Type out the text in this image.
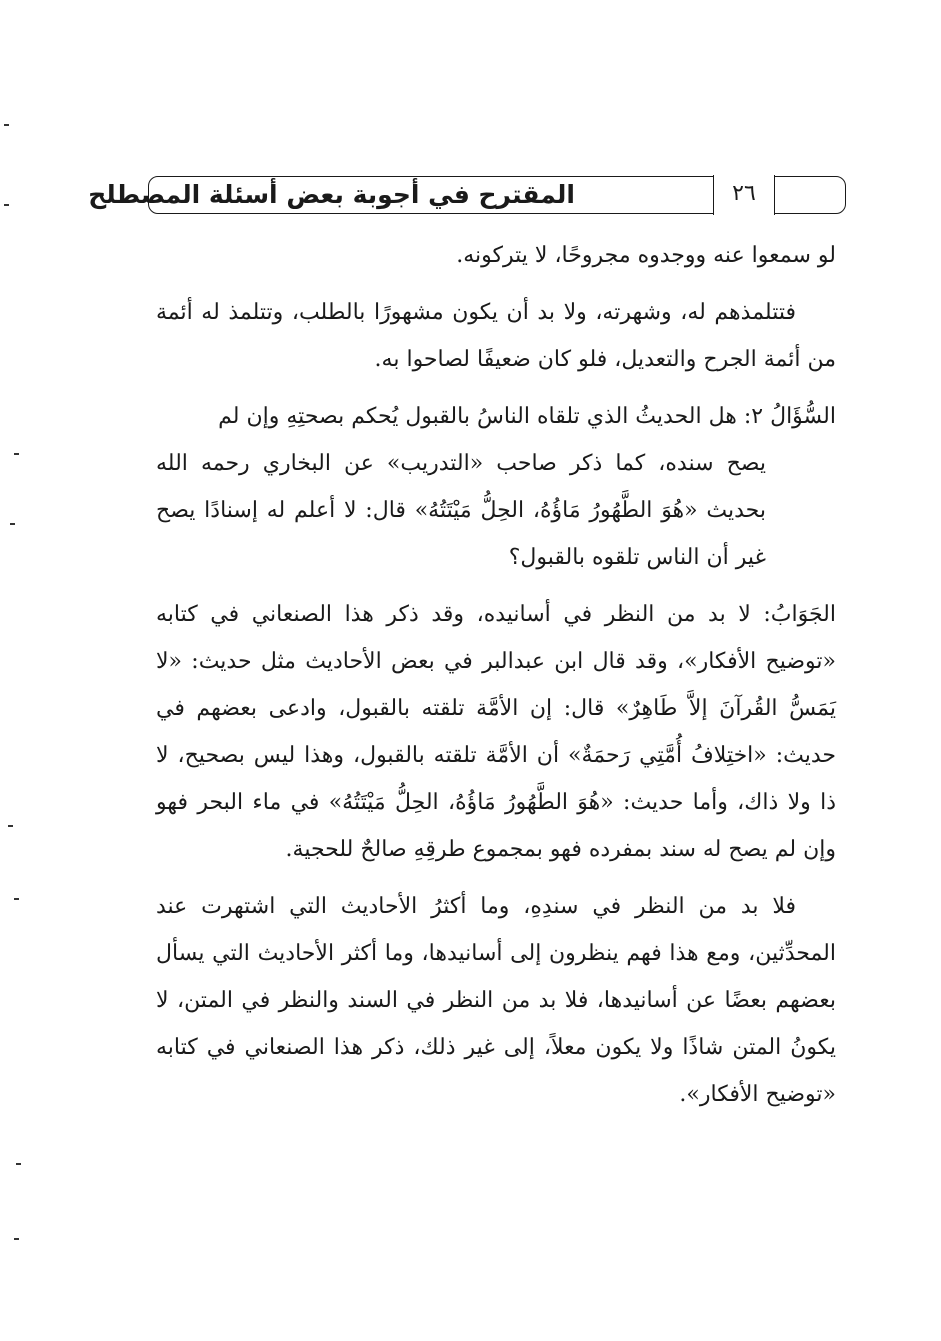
المقترح في أجوبة بعض أسئلة المصطلح	٢٦

لو سمعوا عنه ووجدوه مجروحًا، لا يتركونه.

فتتلمذهم له، وشهرته، ولا بد أن يكون مشهورًا بالطلب، وتتلمذ له أئمة من أئمة الجرح والتعديل، فلو كان ضعيفًا لصاحوا به.

السُّؤَالُ ٢: هل الحديثُ الذي تلقاه الناسُ بالقبول يُحكم بصحتِهِ وإن لم

يصح سنده، كما ذكر صاحب «التدريب» عن البخاري رحمه الله بحديث «هُوَ الطَّهُورُ مَاؤُهُ، الحِلُّ مَيْتَتُهُ» قال: لا أعلم له إسنادًا يصح غير أن الناس تلقوه بالقبول؟

الجَوَابُ: لا بد من النظر في أسانيده، وقد ذكر هذا الصنعاني في كتابه «توضيح الأفكار»، وقد قال ابن عبدالبر في بعض الأحاديث مثل حديث: «لا يَمَسُّ القُرآنَ إلاَّ طَاهِرٌ» قال: إن الأمَّة تلقته بالقبول، وادعى بعضهم في حديث: «اختِلافُ أُمَّتِي رَحمَةٌ» أن الأمَّة تلقته بالقبول، وهذا ليس بصحيح، لا ذا ولا ذاك، وأما حديث: «هُوَ الطَّهُورُ مَاؤُهُ، الحِلُّ مَيْتَتُهُ» في ماء البحر فهو وإن لم يصح له سند بمفرده فهو بمجموع طرقِهِ صالحٌ للحجية.

فلا بد من النظر في سندِهِ، وما أكثرُ الأحاديث التي اشتهرت عند المحدِّثين، ومع هذا فهم ينظرون إلى أسانيدها، وما أكثر الأحاديث التي يسأل بعضهم بعضًا عن أسانيدها، فلا بد من النظر في السند والنظر في المتن، لا يكونُ المتن شاذًا ولا يكون معلاً، إلى غير ذلك، ذكر هذا الصنعاني في كتابه «توضيح الأفكار».
